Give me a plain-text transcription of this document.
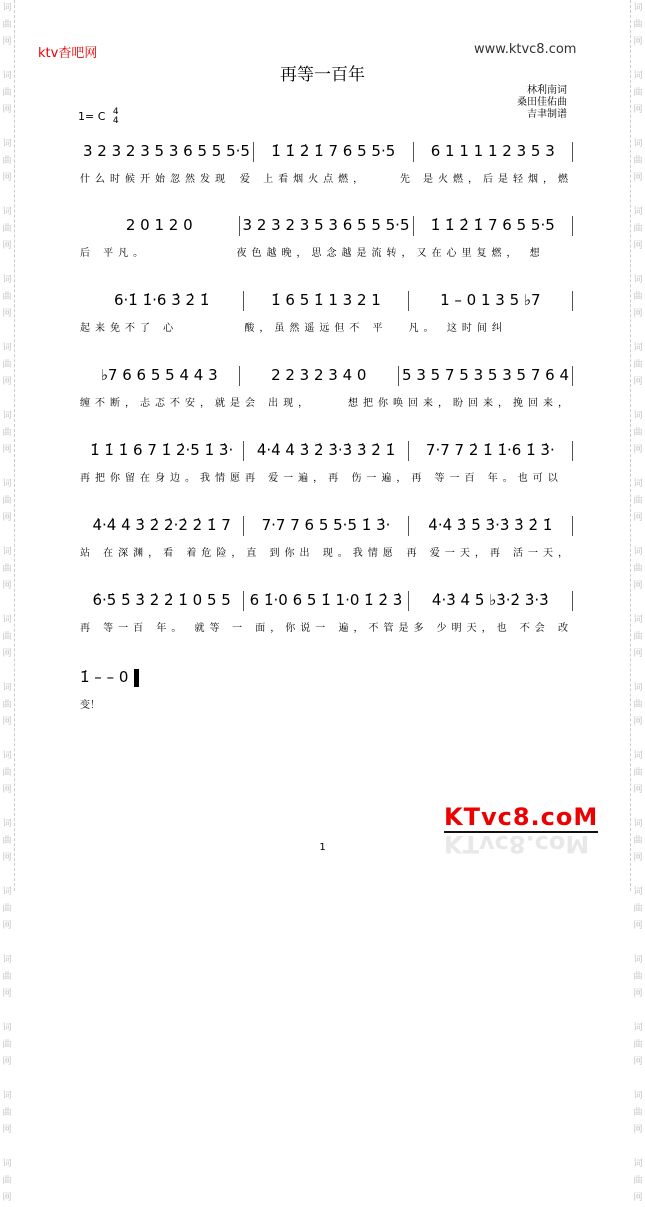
词
曲
网

词
曲
网

词
曲
网

词
曲
网

词
曲
网

词
曲
网

词
曲
网

词
曲
网

词
曲
网

词
曲
网

词
曲
网

词
曲
网

词
曲
网

词
曲
网

词
曲
网

词
曲
网

词
曲
网

词
曲
网

词
曲
网

词
曲
网

词
曲
网

词
曲
网

词
曲
网

词
曲
网

词
曲
网

词
曲
网

词
曲
网

词
曲
网

词
曲
网

词
曲
网

词
曲
网

词
曲
网

词
曲
网

词
曲
网

词
曲
网

词
曲
网

ktv杳吧网	www.ktvc8.com
再等一百年
林利南词
桑田佳佑曲
吉聿制谱
1= C 4
4
3 2 3 2 3 5 3 6 5 5 5·5	1̇ 1̇ 2̇ 1̇ 7 6 5 5·5	6 1 1 1 1 2 3 5 3
什么时候开始忽然发现 爱 上看烟火点燃，	先 是火燃，后是轻烟，燃
2 0 1 2 0	3 2 3 2 3 5 3 6 5 5 5·5	1̇ 1̇ 2̇ 1̇ 7 6 5 5·5
后 平凡。	夜色越晚，思念越是流转， 又在心里复燃， 想
6·1̇ 1̇·6 3̇ 2̇ 1̇	1̇ 6 5 1̇ 1 3 2 1	1 – 0 1 3 5 ♭7
起来免不了 心	酸，虽然遥远但不 平	凡。 这时间纠
♭7 6 6 5 5 4 4 3	2 2 3 2 3 4 0	5 3 5 7 5 3 5 3 5 7 6 4
缠不断，忐忑不安， 就是会 出现，	想把你唤回来，盼回来，挽回来，
1̇ 1̇ 1̇ 6 7 1̇ 2̇·5 1̇ 3̇·	4̇·4̇ 4̇ 3̇ 2̇ 3̇·3̇ 3̇ 2̇ 1̇	7·7 7 2̇ 1̇ 1̇·6 1̇ 3̇·
再把你留在身边。我情愿 再 爱一遍，再 伤一遍， 再 等一百 年。也可以
4̇·4̇ 4̇ 3̇ 2̇ 2̇·2̇ 2̇ 1̇ 7	7·7 7 6 5 5·5 1̇ 3̇·	4̇·4̇ 3̇ 5̇ 3̇·3̇ 3̇ 2̇ 1̇
站 在深渊，看 着危险， 直 到你出 现。我情愿 再 爱一天，再 活一天，
6̇·5̇ 5̇ 3̇ 2̇ 2̇ 1̇ 0 5 5	6 1̇·0 6 5 1̇ 1·0 1̇ 2̇ 3̇	4̇·3̇ 4̇ 5̇ ♭3̇·2̇ 3̇·3̇
再 等一百 年。 就等 一 面，你说一 遍，不管是 多 少明天，也 不会 改
1̇ – – 0
变！
KTvc8.coM
KTvc8.coM
1
